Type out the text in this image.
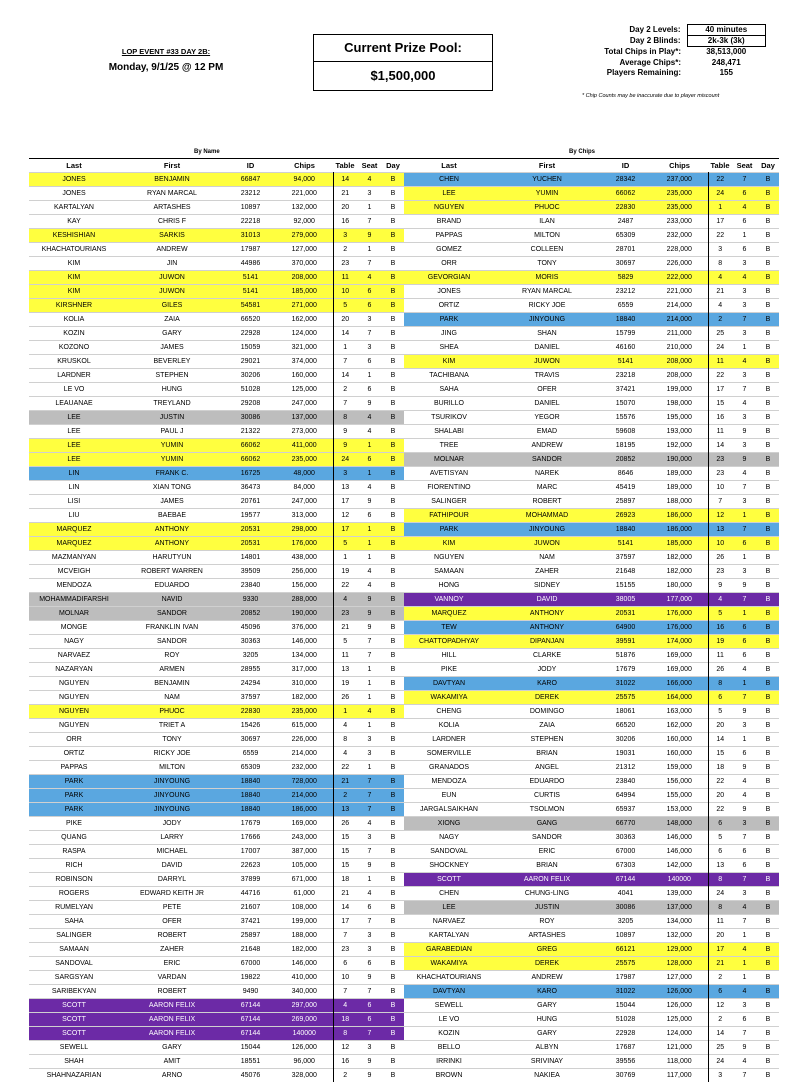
LOP EVENT #33 DAY 2B:
Monday, 9/1/25 @ 12 PM
Current Prize Pool:
$1,500,000
Day 2 Levels:	40 minutes
Day 2 Blinds:	2k-3k (3k)
Total Chips in Play*:	38,513,000
Average Chips*:	248,471
Players Remaining:	155
* Chip Counts may be inaccurate due to player miscount
By Name	By Chips
Last	First	ID	Chips	Table	Seat	Day
JONES	BENJAMIN	66847	94,000	14	4	B
JONES	RYAN MARCAL	23212	221,000	21	3	B
KARTALYAN	ARTASHES	10897	132,000	20	1	B
KAY	CHRIS F	22218	92,000	16	7	B
KESHISHIAN	SARKIS	31013	279,000	3	9	B
KHACHATOURIANS	ANDREW	17987	127,000	2	1	B
KIM	JIN	44986	370,000	23	7	B
KIM	JUWON	5141	208,000	11	4	B
KIM	JUWON	5141	185,000	10	6	B
KIRSHNER	GILES	54581	271,000	5	6	B
KOLIA	ZAIA	66520	162,000	20	3	B
KOZIN	GARY	22928	124,000	14	7	B
KOZONO	JAMES	15059	321,000	1	3	B
KRUSKOL	BEVERLEY	29021	374,000	7	6	B
LARDNER	STEPHEN	30206	160,000	14	1	B
LE VO	HUNG	51028	125,000	2	6	B
LEAUANAE	TREYLAND	29208	247,000	7	9	B
LEE	JUSTIN	30086	137,000	8	4	B
LEE	PAUL J	21322	273,000	9	4	B
LEE	YUMIN	66062	411,000	9	1	B
LEE	YUMIN	66062	235,000	24	6	B
LIN	FRANK C.	16725	48,000	3	1	B
LIN	XIAN TONG	36473	84,000	13	4	B
LISI	JAMES	20761	247,000	17	9	B
LIU	BAEBAE	19577	313,000	12	6	B
MARQUEZ	ANTHONY	20531	298,000	17	1	B
MARQUEZ	ANTHONY	20531	176,000	5	1	B
MAZMANYAN	HARUTYUN	14801	438,000	1	1	B
MCVEIGH	ROBERT WARREN	39509	256,000	19	4	B
MENDOZA	EDUARDO	23840	156,000	22	4	B
MOHAMMADIFARSHI	NAVID	9330	288,000	4	9	B
MOLNAR	SANDOR	20852	190,000	23	9	B
MONGE	FRANKLIN IVAN	45096	376,000	21	9	B
NAGY	SANDOR	30363	146,000	5	7	B
NARVAEZ	ROY	3205	134,000	11	7	B
NAZARYAN	ARMEN	28955	317,000	13	1	B
NGUYEN	BENJAMIN	24294	310,000	19	1	B
NGUYEN	NAM	37597	182,000	26	1	B
NGUYEN	PHUOC	22830	235,000	1	4	B
NGUYEN	TRIET A	15426	615,000	4	1	B
ORR	TONY	30697	226,000	8	3	B
ORTIZ	RICKY JOE	6559	214,000	4	3	B
PAPPAS	MILTON	65309	232,000	22	1	B
PARK	JINYOUNG	18840	728,000	21	7	B
PARK	JINYOUNG	18840	214,000	2	7	B
PARK	JINYOUNG	18840	186,000	13	7	B
PIKE	JODY	17679	169,000	26	4	B
QUANG	LARRY	17666	243,000	15	3	B
RASPA	MICHAEL	17007	387,000	15	7	B
RICH	DAVID	22623	105,000	15	9	B
ROBINSON	DARRYL	37899	671,000	18	1	B
ROGERS	EDWARD KEITH JR	44716	61,000	21	4	B
RUMELYAN	PETE	21607	108,000	14	6	B
SAHA	OFER	37421	199,000	17	7	B
SALINGER	ROBERT	25897	188,000	7	3	B
SAMAAN	ZAHER	21648	182,000	23	3	B
SANDOVAL	ERIC	67000	146,000	6	6	B
SARGSYAN	VARDAN	19822	410,000	10	9	B
SARIBEKYAN	ROBERT	9490	340,000	7	7	B
SCOTT	AARON FELIX	67144	297,000	4	6	B
SCOTT	AARON FELIX	67144	269,000	18	6	B
SCOTT	AARON FELIX	67144	140000	8	7	B
SEWELL	GARY	15044	126,000	12	3	B
SHAH	AMIT	18551	96,000	16	9	B
SHAHNAZARIAN	ARNO	45076	328,000	2	9	B
Last	First	ID	Chips	Table	Seat	Day
CHEN	YUCHEN	28342	237,000	22	7	B
LEE	YUMIN	66062	235,000	24	6	B
NGUYEN	PHUOC	22830	235,000	1	4	B
BRAND	ILAN	2487	233,000	17	6	B
PAPPAS	MILTON	65309	232,000	22	1	B
GOMEZ	COLLEEN	28701	228,000	3	6	B
ORR	TONY	30697	226,000	8	3	B
GEVORGIAN	MORIS	5829	222,000	4	4	B
JONES	RYAN MARCAL	23212	221,000	21	3	B
ORTIZ	RICKY JOE	6559	214,000	4	3	B
PARK	JINYOUNG	18840	214,000	2	7	B
JING	SHAN	15799	211,000	25	3	B
SHEA	DANIEL	46160	210,000	24	1	B
KIM	JUWON	5141	208,000	11	4	B
TACHIBANA	TRAVIS	23218	208,000	22	3	B
SAHA	OFER	37421	199,000	17	7	B
BURILLO	DANIEL	15070	198,000	15	4	B
TSURIKOV	YEGOR	15576	195,000	16	3	B
SHALABI	EMAD	59608	193,000	11	9	B
TREE	ANDREW	18195	192,000	14	3	B
MOLNAR	SANDOR	20852	190,000	23	9	B
AVETISYAN	NAREK	8646	189,000	23	4	B
FIORENTINO	MARC	45419	189,000	10	7	B
SALINGER	ROBERT	25897	188,000	7	3	B
FATHIPOUR	MOHAMMAD	26923	186,000	12	1	B
PARK	JINYOUNG	18840	186,000	13	7	B
KIM	JUWON	5141	185,000	10	6	B
NGUYEN	NAM	37597	182,000	26	1	B
SAMAAN	ZAHER	21648	182,000	23	3	B
HONG	SIDNEY	15155	180,000	9	9	B
VANNOY	DAVID	38005	177,000	4	7	B
MARQUEZ	ANTHONY	20531	176,000	5	1	B
TEW	ANTHONY	64900	176,000	16	6	B
CHATTOPADHYAY	DIPANJAN	39591	174,000	19	6	B
HILL	CLARKE	51876	169,000	11	6	B
PIKE	JODY	17679	169,000	26	4	B
DAVTYAN	KARO	31022	166,000	8	1	B
WAKAMIYA	DEREK	25575	164,000	6	7	B
CHENG	DOMINGO	18061	163,000	5	9	B
KOLIA	ZAIA	66520	162,000	20	3	B
LARDNER	STEPHEN	30206	160,000	14	1	B
SOMERVILLE	BRIAN	19031	160,000	15	6	B
GRANADOS	ANGEL	21312	159,000	18	9	B
MENDOZA	EDUARDO	23840	156,000	22	4	B
EUN	CURTIS	64994	155,000	20	4	B
JARGALSAIKHAN	TSOLMON	65937	153,000	22	9	B
XIONG	GANG	66770	148,000	6	3	B
NAGY	SANDOR	30363	146,000	5	7	B
SANDOVAL	ERIC	67000	146,000	6	6	B
SHOCKNEY	BRIAN	67303	142,000	13	6	B
SCOTT	AARON FELIX	67144	140000	8	7	B
CHEN	CHUNG-LING	4041	139,000	24	3	B
LEE	JUSTIN	30086	137,000	8	4	B
NARVAEZ	ROY	3205	134,000	11	7	B
KARTALYAN	ARTASHES	10897	132,000	20	1	B
GARABEDIAN	GREG	66121	129,000	17	4	B
WAKAMIYA	DEREK	25575	128,000	21	1	B
KHACHATOURIANS	ANDREW	17987	127,000	2	1	B
DAVTYAN	KARO	31022	126,000	6	4	B
SEWELL	GARY	15044	126,000	12	3	B
LE VO	HUNG	51028	125,000	2	6	B
KOZIN	GARY	22928	124,000	14	7	B
BELLO	ALBYN	17687	121,000	25	9	B
IRRINKI	SRIVINAY	39556	118,000	24	4	B
BROWN	NAKIEA	30769	117,000	3	7	B
